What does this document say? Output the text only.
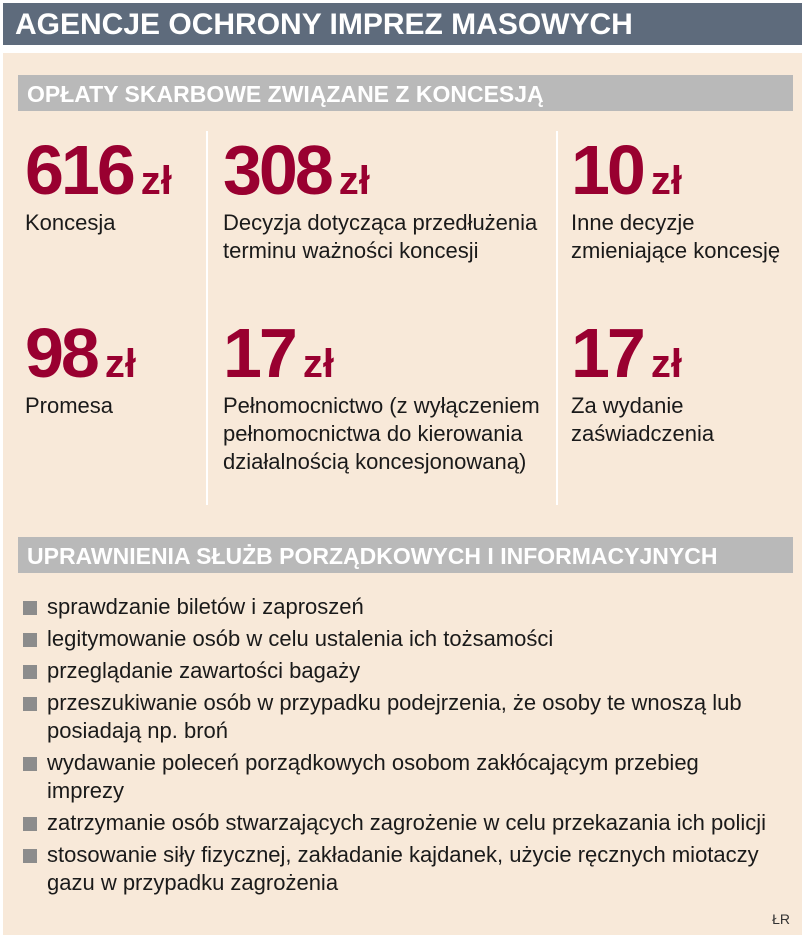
AGENCJE OCHRONY IMPREZ MASOWYCH
OPŁATY SKARBOWE ZWIĄZANE Z KONCESJĄ
616 zł
Koncesja
308 zł
Decyzja dotycząca przedłużenia terminu ważności koncesji
10 zł
Inne decyzje zmieniające koncesję
98 zł
Promesa
17 zł
Pełnomocnictwo (z wyłączeniem pełnomocnictwa do kierowania działalnością koncesjonowaną)
17 zł
Za wydanie zaświadczenia
UPRAWNIENIA SŁUŻB PORZĄDKOWYCH I INFORMACYJNYCH
sprawdzanie biletów i zaproszeń
legitymowanie osób w celu ustalenia ich tożsamości
przeglądanie zawartości bagaży
przeszukiwanie osób w przypadku podejrzenia, że osoby te wnoszą lub posiadają np. broń
wydawanie poleceń porządkowych osobom zakłócającym przebieg imprezy
zatrzymanie osób stwarzających zagrożenie w celu przekazania ich policji
stosowanie siły fizycznej, zakładanie kajdanek, użycie ręcznych miotaczy gazu w przypadku zagrożenia
ŁR
